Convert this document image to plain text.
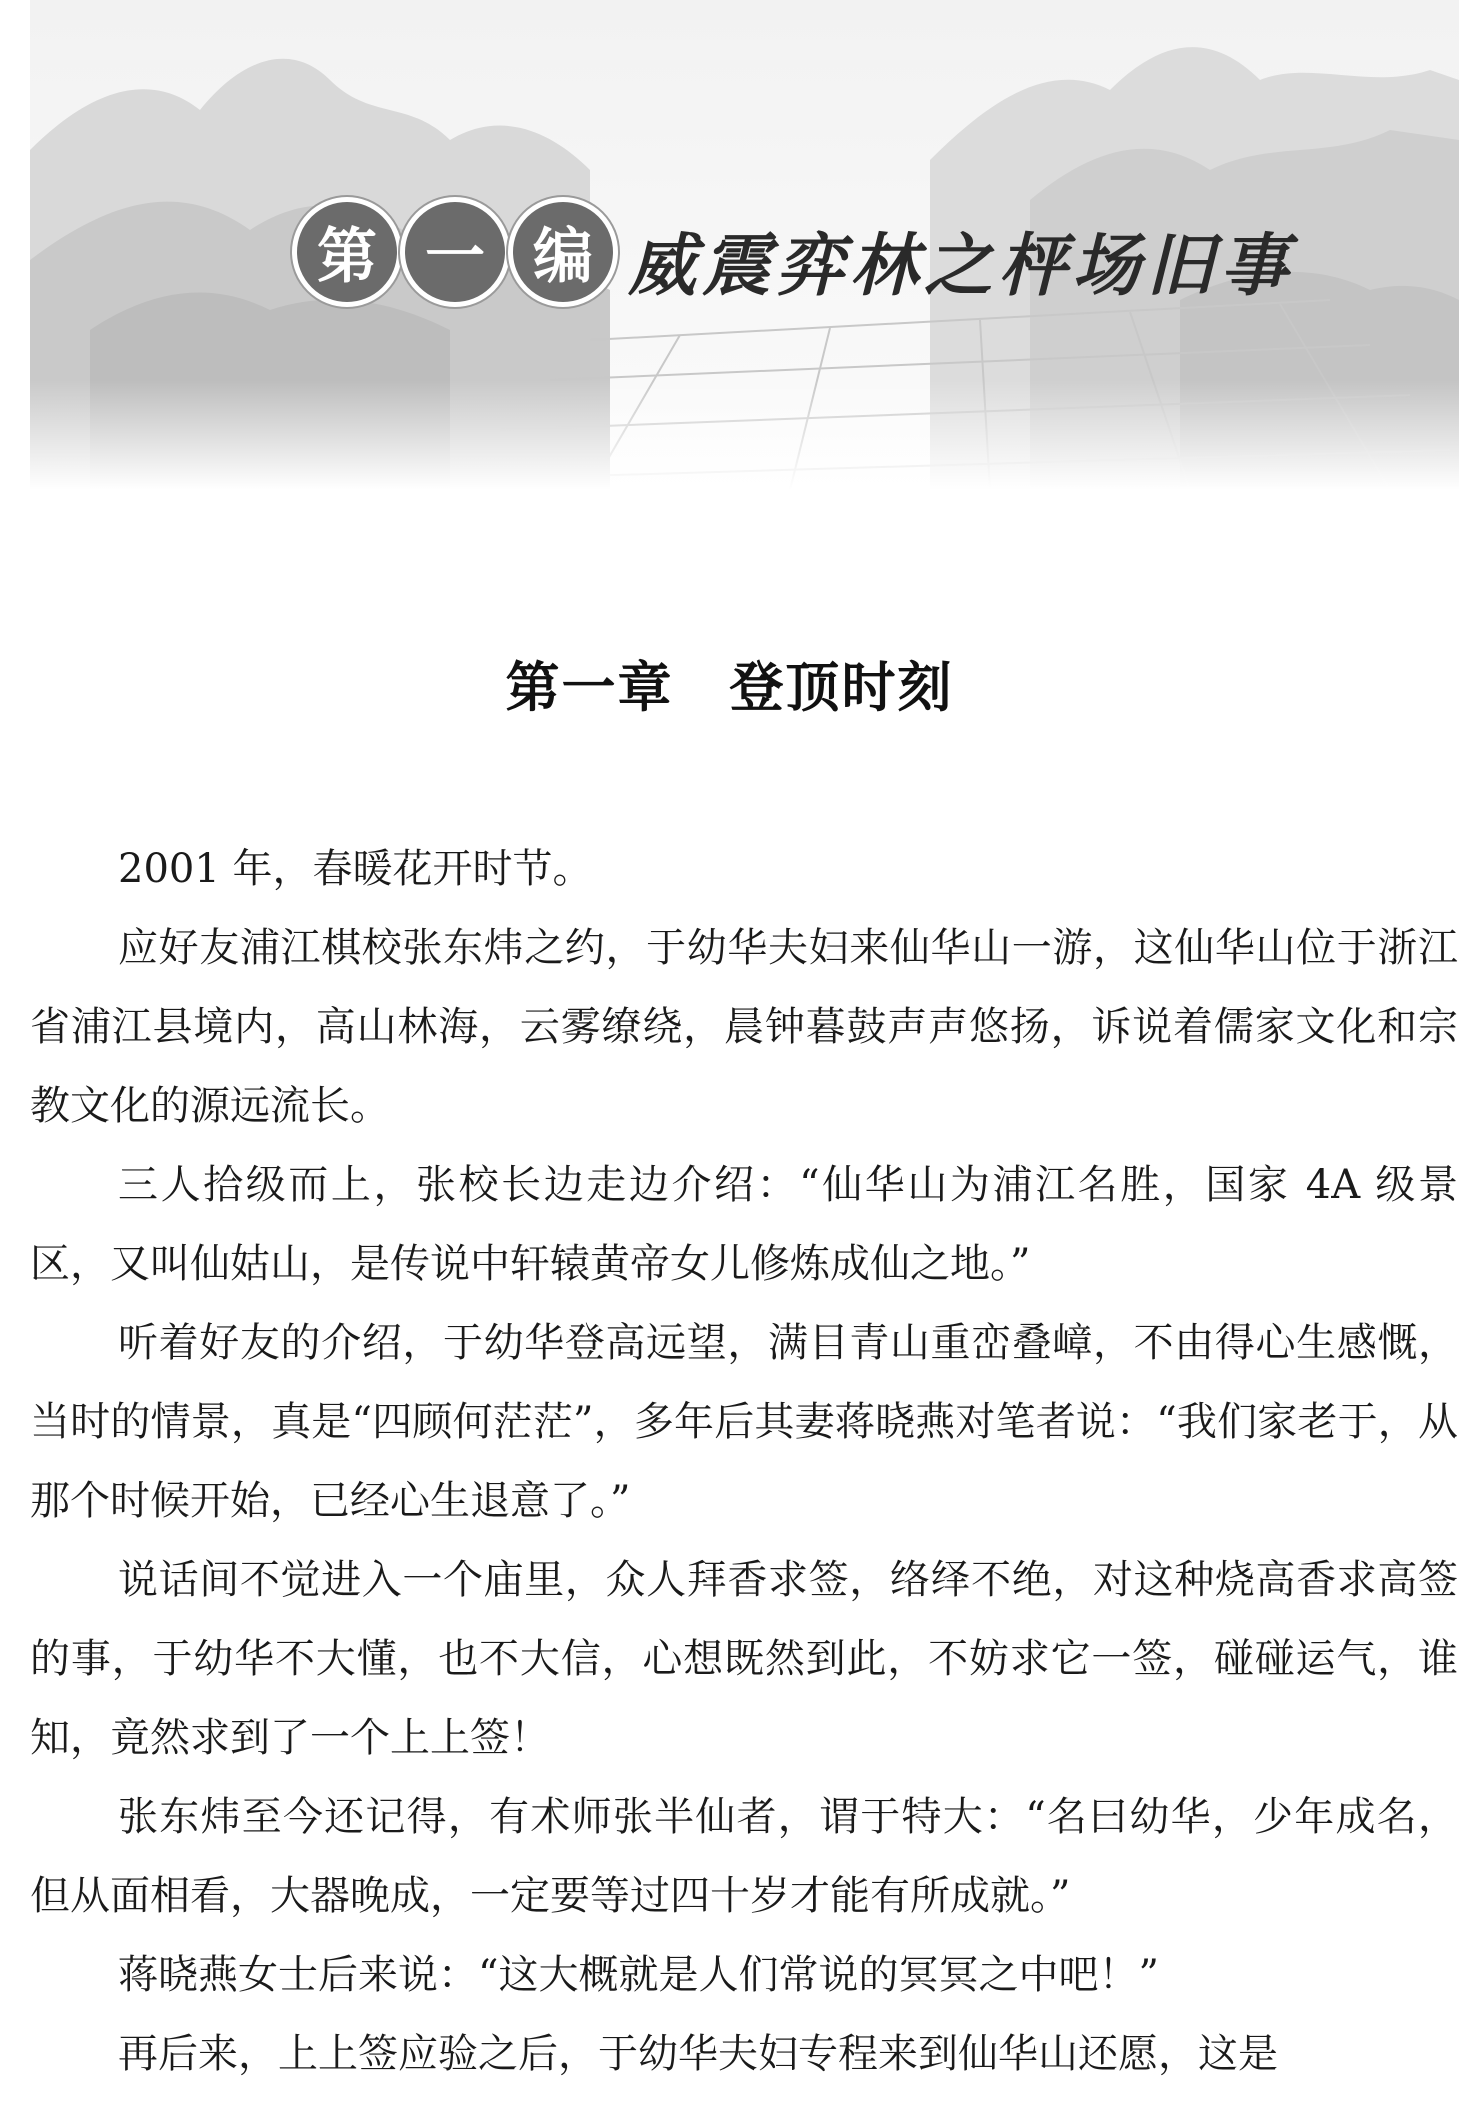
第 一 编 威震弈林之枰场旧事
第一章　登顶时刻

2001 年，春暖花开时节。

应好友浦江棋校张东炜之约，于幼华夫妇来仙华山一游，这仙华山位于浙江省浦江县境内，高山林海，云雾缭绕，晨钟暮鼓声声悠扬，诉说着儒家文化和宗教文化的源远流长。

三人拾级而上，张校长边走边介绍：“仙华山为浦江名胜，国家 4A 级景区，又叫仙姑山，是传说中轩辕黄帝女儿修炼成仙之地。”

听着好友的介绍，于幼华登高远望，满目青山重峦叠嶂，不由得心生感慨，当时的情景，真是“四顾何茫茫”，多年后其妻蒋晓燕对笔者说：“我们家老于，从那个时候开始，已经心生退意了。”

说话间不觉进入一个庙里，众人拜香求签，络绎不绝，对这种烧高香求高签的事，于幼华不大懂，也不大信，心想既然到此，不妨求它一签，碰碰运气，谁知，竟然求到了一个上上签！

张东炜至今还记得，有术师张半仙者，谓于特大：“名曰幼华，少年成名，但从面相看，大器晚成，一定要等过四十岁才能有所成就。”

蒋晓燕女士后来说：“这大概就是人们常说的冥冥之中吧！”

再后来，上上签应验之后，于幼华夫妇专程来到仙华山还愿，这是
